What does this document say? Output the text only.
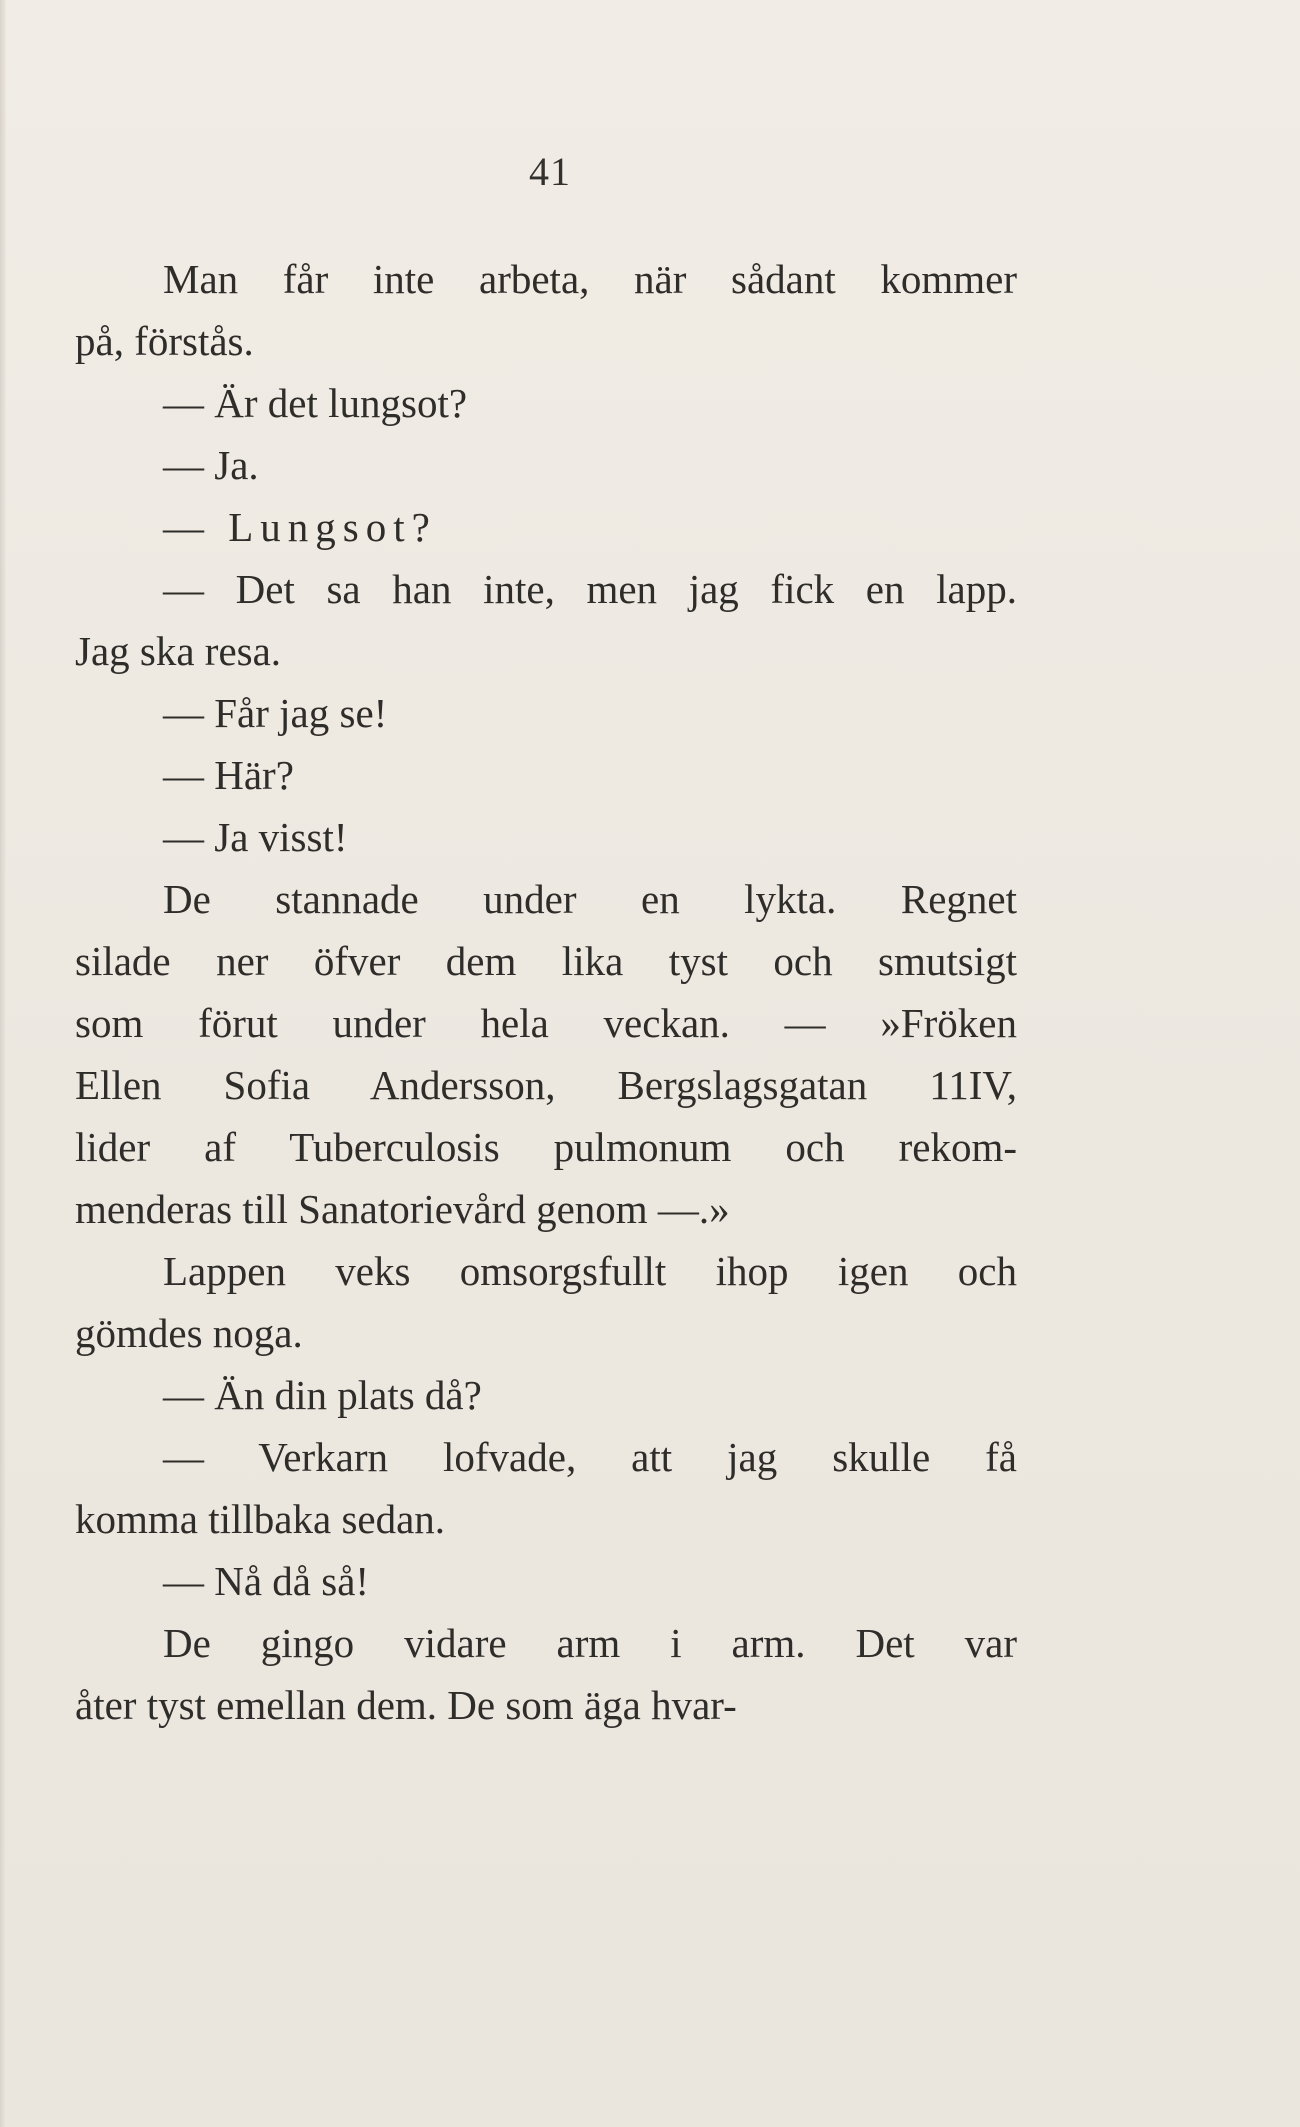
41
Man får inte arbeta, när sådant kommer
på, förstås.
— Är det lungsot?
— Ja.
— Lungsot?
— Det sa han inte, men jag fick en lapp.
Jag ska resa.
— Får jag se!
— Här?
— Ja visst!
De stannade under en lykta. Regnet
silade ner öfver dem lika tyst och smutsigt
som förut under hela veckan. — »Fröken
Ellen Sofia Andersson, Bergslagsgatan 11IV,
lider af Tuberculosis pulmonum och rekom-
menderas till Sanatorievård genom —.»
Lappen veks omsorgsfullt ihop igen och
gömdes noga.
— Än din plats då?
— Verkarn lofvade, att jag skulle få
komma tillbaka sedan.
— Nå då så!
De gingo vidare arm i arm. Det var
åter tyst emellan dem. De som äga hvar-
